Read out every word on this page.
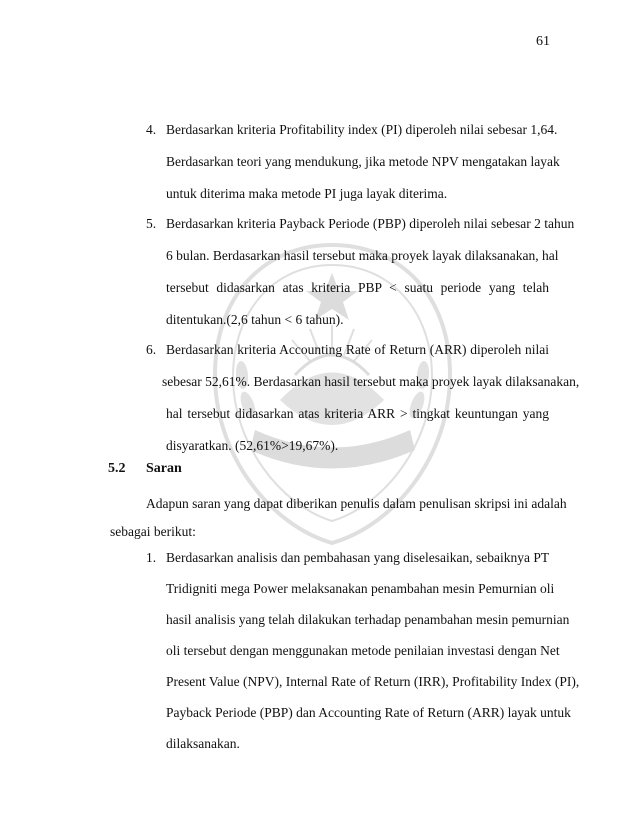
61
4. Berdasarkan kriteria Profitability index (PI) diperoleh nilai sebesar 1,64.
Berdasarkan teori yang mendukung, jika metode NPV mengatakan layak
untuk diterima maka metode PI juga layak diterima.
5. Berdasarkan kriteria Payback Periode (PBP) diperoleh nilai sebesar 2 tahun
6 bulan. Berdasarkan hasil tersebut maka proyek layak dilaksanakan, hal
tersebut didasarkan atas kriteria PBP < suatu periode yang telah
ditentukan.(2,6 tahun < 6 tahun).
6. Berdasarkan kriteria Accounting Rate of Return (ARR) diperoleh nilai
sebesar 52,61%. Berdasarkan hasil tersebut maka proyek layak dilaksanakan,
hal tersebut didasarkan atas kriteria ARR > tingkat keuntungan yang
disyaratkan. (52,61%>19,67%).
5.2 Saran
Adapun saran yang dapat diberikan penulis dalam penulisan skripsi ini adalah
sebagai berikut:
1. Berdasarkan analisis dan pembahasan yang diselesaikan, sebaiknya PT
Tridigniti mega Power melaksanakan penambahan mesin Pemurnian oli
hasil analisis yang telah dilakukan terhadap penambahan mesin pemurnian
oli tersebut dengan menggunakan metode penilaian investasi dengan Net
Present Value (NPV), Internal Rate of Return (IRR), Profitability Index (PI),
Payback Periode (PBP) dan Accounting Rate of Return (ARR) layak untuk
dilaksanakan.
